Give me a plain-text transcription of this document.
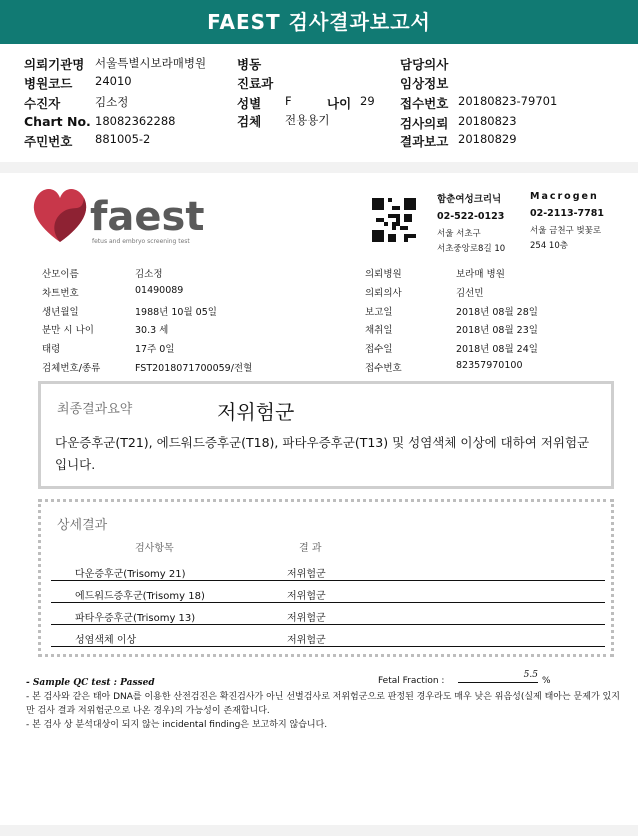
FAEST 검사결과보고서
의뢰기관명 서울특별시보라매병원
병원코드 24010
수진자	김소정
Chart No. 18082362288
주민번호 881005-2
병동
진료과
성별 F
검체 전용용기
나이 29
담당의사
임상정보
접수번호 20180823-79701
검사의뢰 20180823
결과보고 20180829
faest
fetus and embryo screening test
함춘여성크리닉
02-522-0123
서울 서초구
서초중앙로8길 10
Macrogen
02-2113-7781
서울 금천구 벚꽃로
254 10층
산모이름	김소정
차트번호	01490089
생년월일	1988년 10월 05일
분만 시 나이	30.3 세
태령	17주 0일
검체번호/종류	FST2018071700059/전혈
의뢰병원	보라매 병원
의뢰의사	김선민
보고일	2018년 08월 28일
채취일	2018년 08월 23일
접수일	2018년 08월 24일
접수번호	82357970100
최종결과요약	저위험군
다운증후군(T21), 에드워드증후군(T18), 파타우증후군(T13) 및 성염색체 이상에 대하여 저위험군입니다.
상세결과
검사항목	결 과
다운증후군(Trisomy 21)	저위험군
에드워드증후군(Trisomy 18)	저위험군
파타우증후군(Trisomy 13)	저위험군
성염색체 이상	저위험군
- Sample QC test : Passed	Fetal Fraction :
5.5
%
- 본 검사와 같은 태아 DNA를 이용한 산전검진은 확진검사가 아닌 선별검사로 저위험군으로 판정된 경우라도 매우 낮은 위음성(실제 태아는 문제가 있지만 검사 결과 저위험군으로 나온 경우)의 가능성이 존재합니다.
- 본 검사 상 분석대상이 되지 않는 incidental finding은 보고하지 않습니다.
